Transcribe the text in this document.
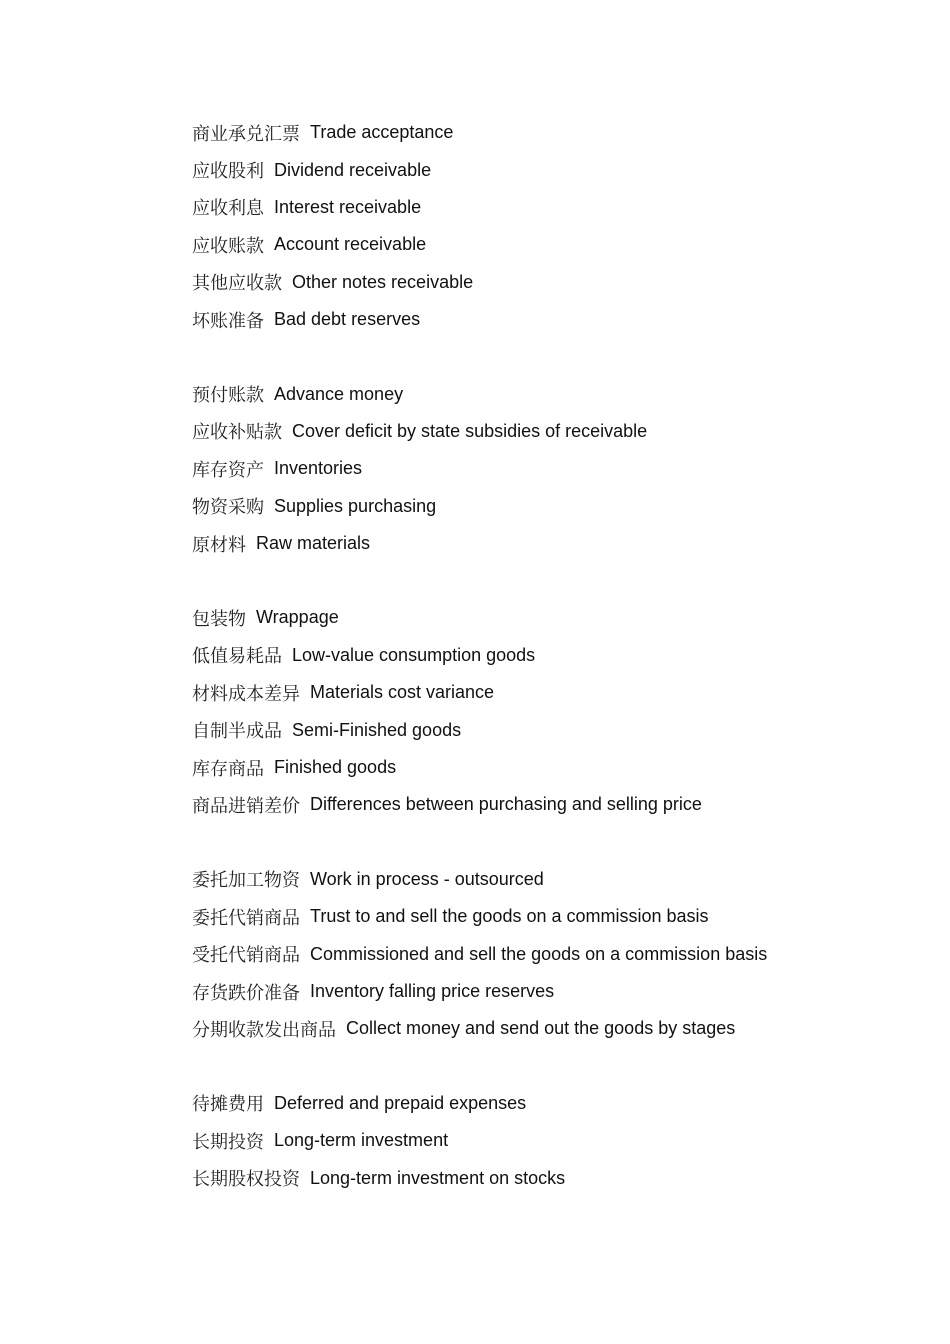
商业承兑汇票 Trade acceptance
应收股利 Dividend receivable
应收利息 Interest receivable
应收账款 Account receivable
其他应收款 Other notes receivable
坏账准备 Bad debt reserves
预付账款 Advance money
应收补贴款 Cover deficit by state subsidies of receivable
库存资产 Inventories
物资采购 Supplies purchasing
原材料 Raw materials
包装物 Wrappage
低值易耗品 Low-value consumption goods
材料成本差异 Materials cost variance
自制半成品 Semi-Finished goods
库存商品 Finished goods
商品进销差价 Differences between purchasing and selling price
委托加工物资 Work in process - outsourced
委托代销商品 Trust to and sell the goods on a commission basis
受托代销商品 Commissioned and sell the goods on a commission basis
存货跌价准备 Inventory falling price reserves
分期收款发出商品 Collect money and send out the goods by stages
待摊费用 Deferred and prepaid expenses
长期投资 Long-term investment
长期股权投资 Long-term investment on stocks
